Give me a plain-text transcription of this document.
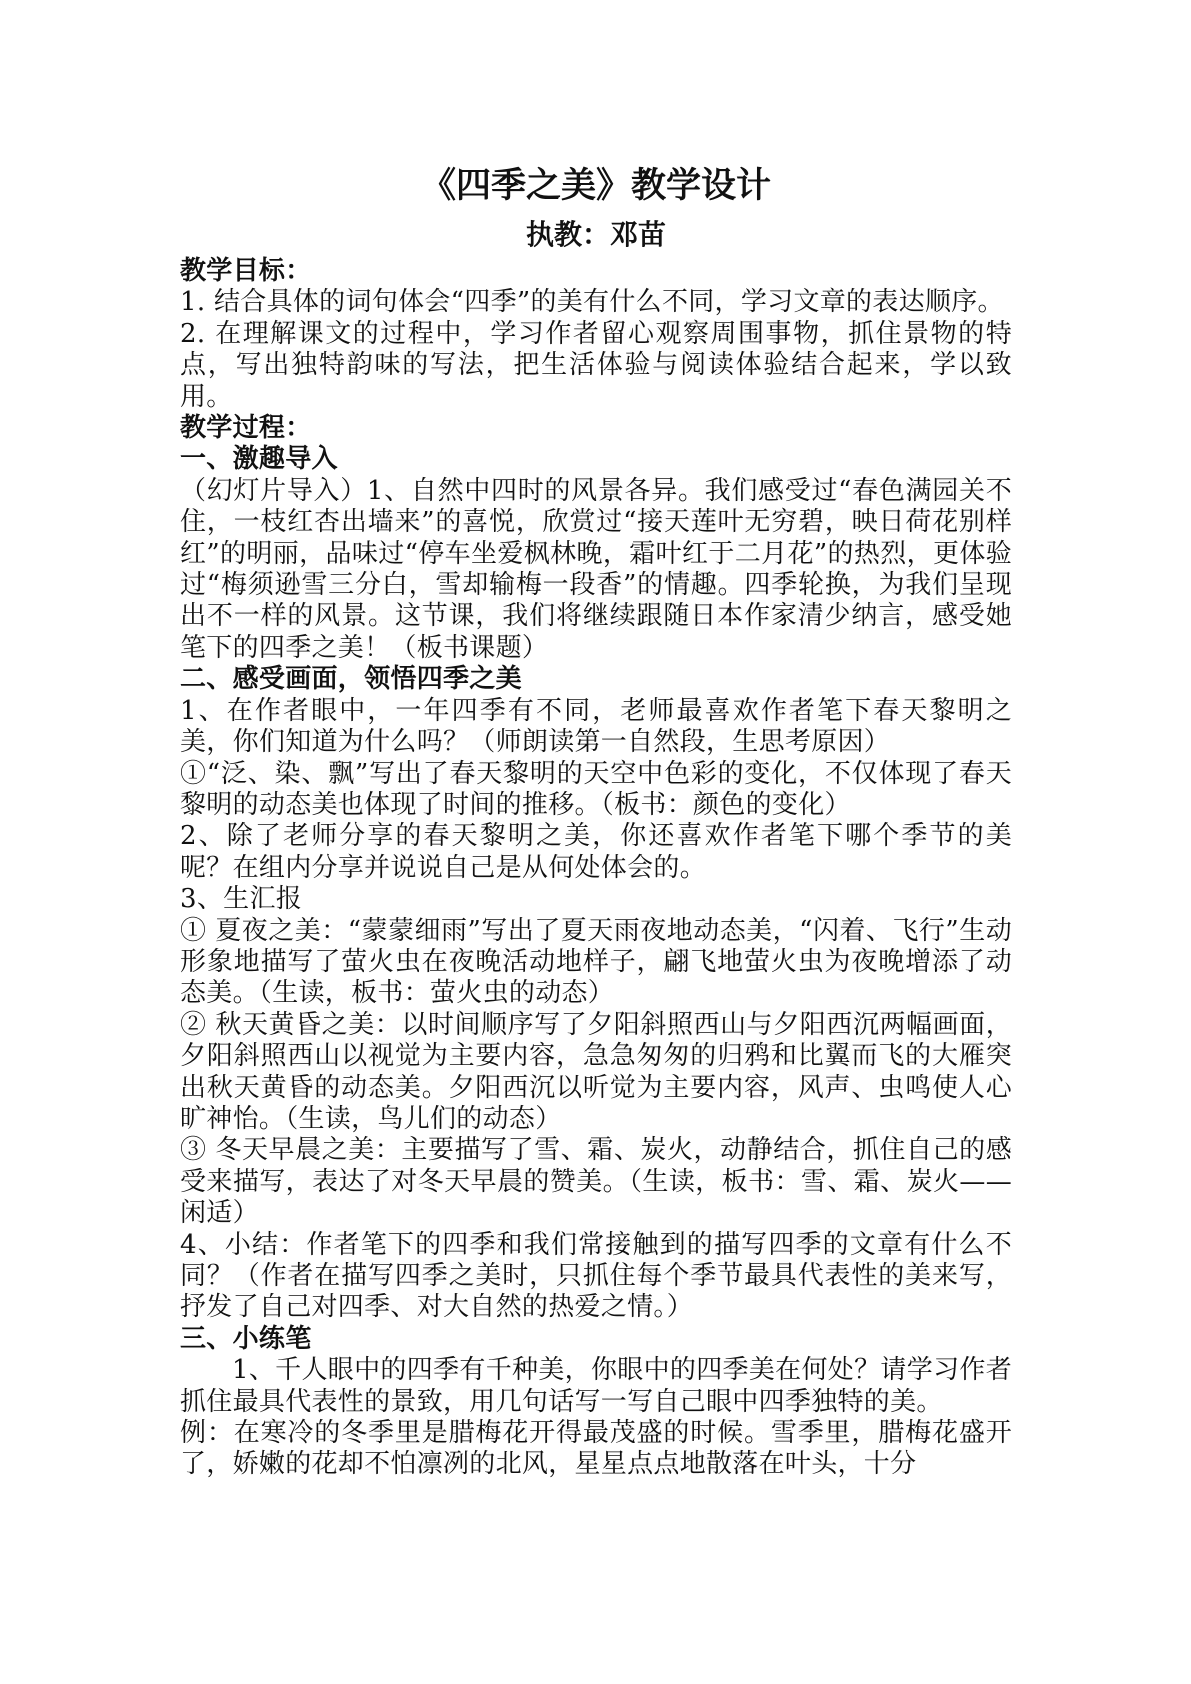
《四季之美》教学设计
执教：邓苗

教学目标：

1. 结合具体的词句体会“四季”的美有什么不同，学习文章的表达顺序。

2. 在理解课文的过程中，学习作者留心观察周围事物，抓住景物的特点，写出独特韵味的写法，把生活体验与阅读体验结合起来，学以致用。

教学过程：

一、激趣导入

（幻灯片导入）1、自然中四时的风景各异。我们感受过“春色满园关不住，一枝红杏出墙来”的喜悦，欣赏过“接天莲叶无穷碧，映日荷花别样红”的明丽，品味过“停车坐爱枫林晚，霜叶红于二月花”的热烈，更体验过“梅须逊雪三分白，雪却输梅一段香”的情趣。四季轮换，为我们呈现出不一样的风景。这节课，我们将继续跟随日本作家清少纳言，感受她笔下的四季之美！（板书课题）

二、感受画面，领悟四季之美

1、在作者眼中，一年四季有不同，老师最喜欢作者笔下春天黎明之美，你们知道为什么吗？（师朗读第一自然段，生思考原因）

①“泛、染、飘”写出了春天黎明的天空中色彩的变化，不仅体现了春天黎明的动态美也体现了时间的推移。（板书：颜色的变化）

2、除了老师分享的春天黎明之美，你还喜欢作者笔下哪个季节的美呢？在组内分享并说说自己是从何处体会的。

3、生汇报

① 夏夜之美：“蒙蒙细雨”写出了夏天雨夜地动态美，“闪着、飞行”生动形象地描写了萤火虫在夜晚活动地样子，翩飞地萤火虫为夜晚增添了动态美。（生读，板书：萤火虫的动态）

② 秋天黄昏之美：以时间顺序写了夕阳斜照西山与夕阳西沉两幅画面，夕阳斜照西山以视觉为主要内容，急急匆匆的归鸦和比翼而飞的大雁突出秋天黄昏的动态美。夕阳西沉以听觉为主要内容，风声、虫鸣使人心旷神怡。（生读，鸟儿们的动态）

③ 冬天早晨之美：主要描写了雪、霜、炭火，动静结合，抓住自己的感受来描写，表达了对冬天早晨的赞美。（生读，板书：雪、霜、炭火——闲适）

4、小结：作者笔下的四季和我们常接触到的描写四季的文章有什么不同？（作者在描写四季之美时，只抓住每个季节最具代表性的美来写，抒发了自己对四季、对大自然的热爱之情。）

三、小练笔

1、千人眼中的四季有千种美，你眼中的四季美在何处？请学习作者抓住最具代表性的景致，用几句话写一写自己眼中四季独特的美。

例：在寒冷的冬季里是腊梅花开得最茂盛的时候。雪季里，腊梅花盛开了，娇嫩的花却不怕凛冽的北风，星星点点地散落在叶头，十分
